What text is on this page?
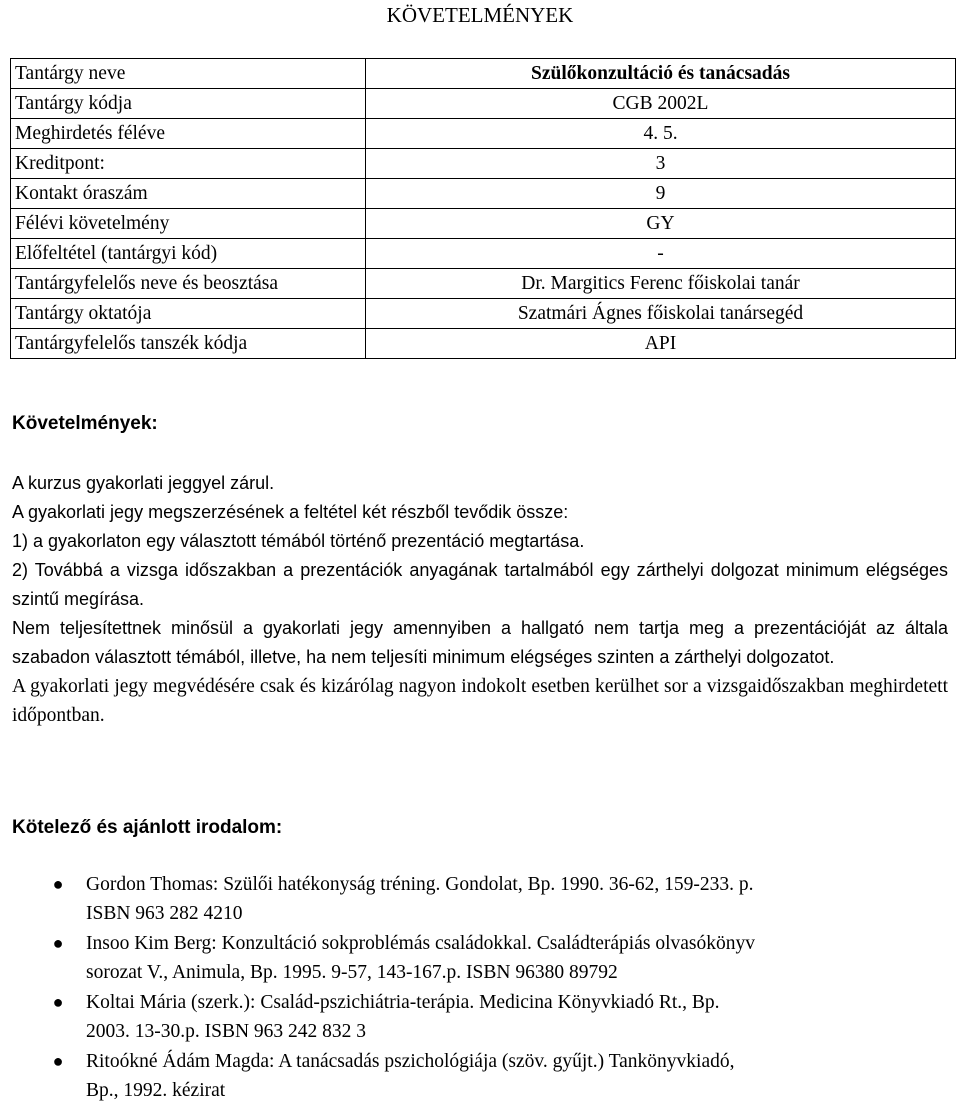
KÖVETELMÉNYEK
Tantárgy neve	Szülőkonzultáció és tanácsadás
Tantárgy kódja	CGB 2002L
Meghirdetés féléve	4. 5.
Kreditpont:	3
Kontakt óraszám	9
Félévi követelmény	GY
Előfeltétel (tantárgyi kód)	-
Tantárgyfelelős neve és beosztása	Dr. Margitics Ferenc főiskolai tanár
Tantárgy oktatója	Szatmári Ágnes főiskolai tanársegéd
Tantárgyfelelős tanszék kódja	API
Követelmények:

A kurzus gyakorlati jeggyel zárul.

A gyakorlati jegy megszerzésének a feltétel két részből tevődik össze:

1) a gyakorlaton egy választott témából történő prezentáció megtartása.

2) Továbbá a vizsga időszakban a prezentációk anyagának tartalmából egy zárthelyi dolgozat minimum elégséges szintű megírása.

Nem teljesítettnek minősül a gyakorlati jegy amennyiben a hallgató nem tartja meg a prezentációját az általa szabadon választott témából, illetve, ha nem teljesíti minimum elégséges szinten a zárthelyi dolgozatot.

A gyakorlati jegy megvédésére csak és kizárólag nagyon indokolt esetben kerülhet sor a vizsgaidőszakban meghirdetett időpontban.

Kötelező és ajánlott irodalom:
● Gordon Thomas: Szülői hatékonyság tréning. Gondolat, Bp. 1990. 36-62, 159-233. p.
ISBN 963 282 4210
● Insoo Kim Berg: Konzultáció sokproblémás családokkal. Családterápiás olvasókönyv
sorozat V., Animula, Bp. 1995. 9-57, 143-167.p. ISBN 96380 89792
● Koltai Mária (szerk.): Család-pszichiátria-terápia. Medicina Könyvkiadó Rt., Bp.
2003. 13-30.p. ISBN 963 242 832 3
● Ritoókné Ádám Magda: A tanácsadás pszichológiája (szöv. gyűjt.) Tankönyvkiadó,
Bp., 1992. kézirat
